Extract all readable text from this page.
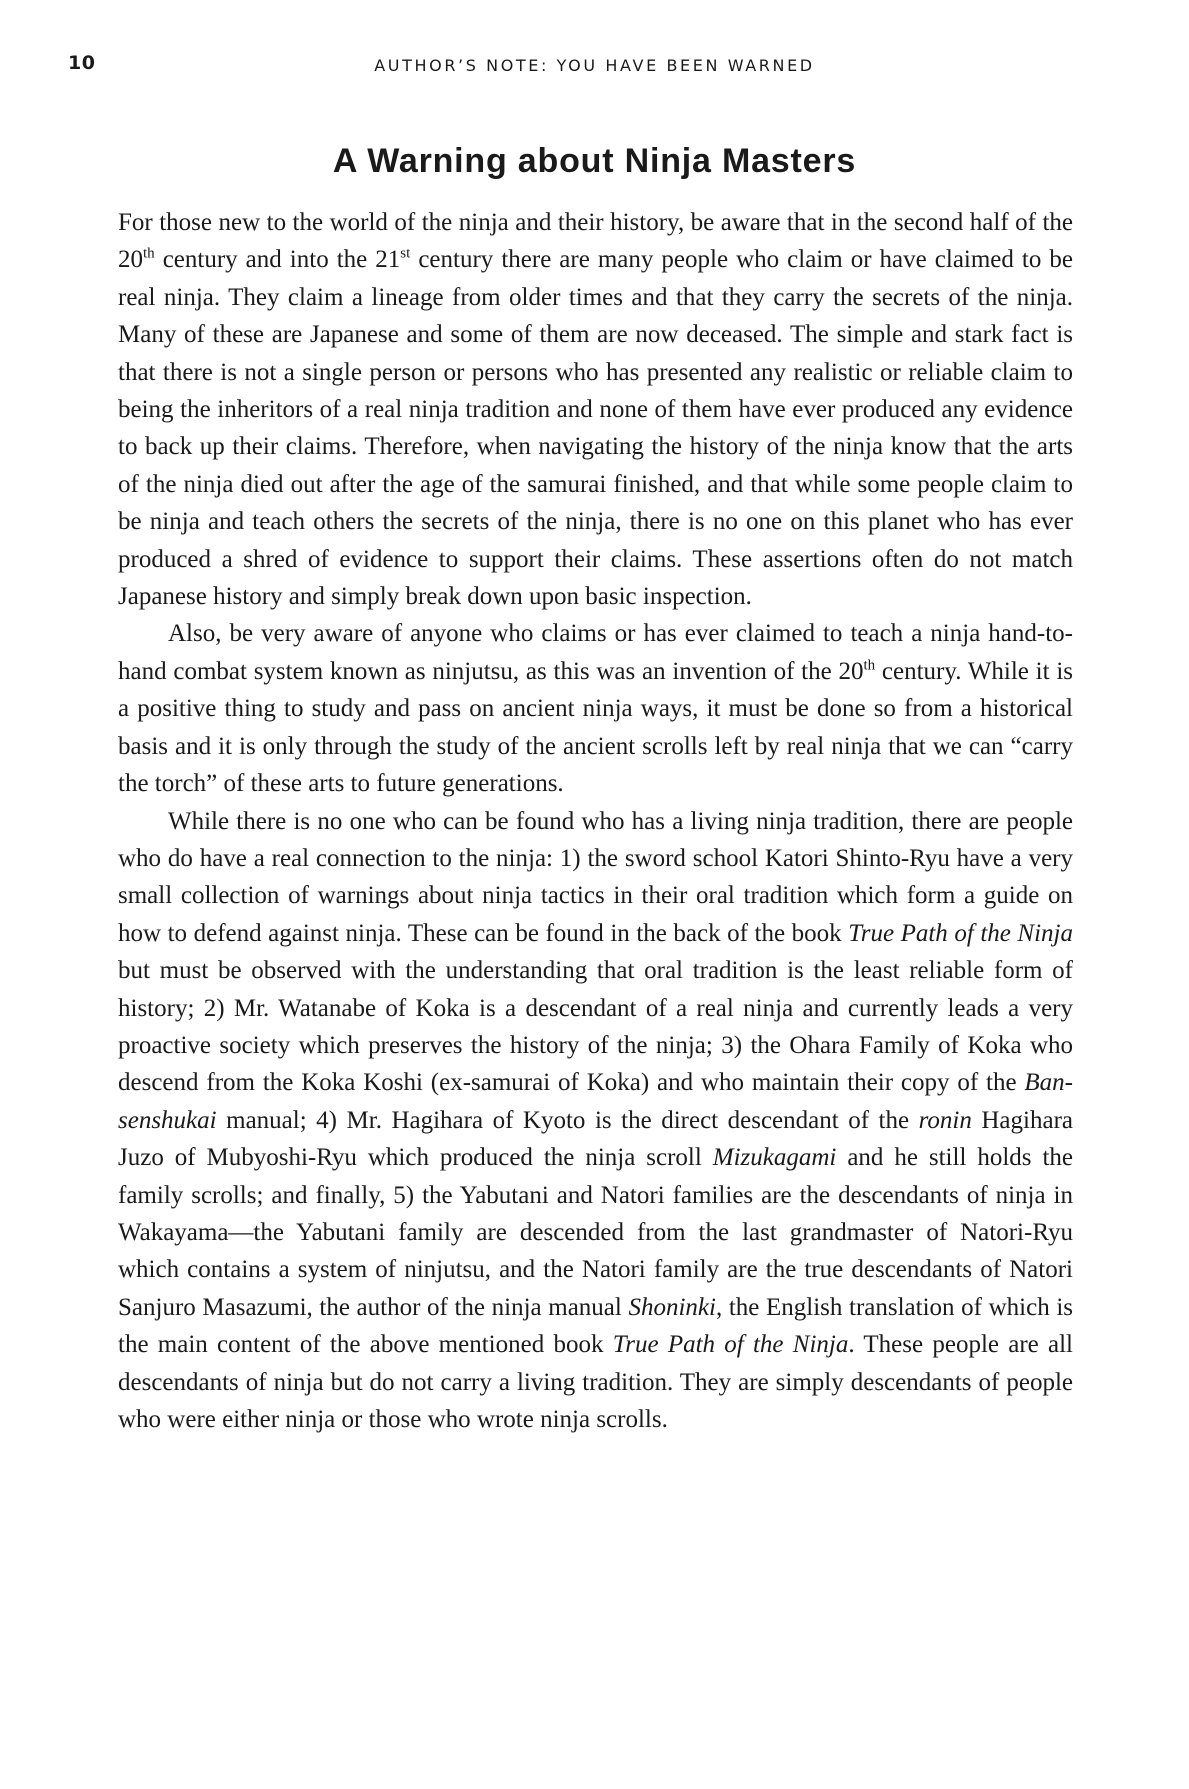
10	AUTHOR’S NOTE: YOU HAVE BEEN WARNED
A Warning about Ninja Masters

For those new to the world of the ninja and their history, be aware that in the second half of the 20th century and into the 21st century there are many people who claim or have claimed to be real ninja. They claim a lineage from older times and that they carry the secrets of the ninja. Many of these are Japanese and some of them are now deceased. The simple and stark fact is that there is not a single person or persons who has presented any realistic or reliable claim to being the inheritors of a real ninja tradition and none of them have ever produced any evidence to back up their claims. Therefore, when navigating the history of the ninja know that the arts of the ninja died out after the age of the samurai finished, and that while some people claim to be ninja and teach others the secrets of the ninja, there is no one on this planet who has ever produced a shred of evidence to support their claims. These assertions often do not match Japanese history and simply break down upon basic inspection.

Also, be very aware of anyone who claims or has ever claimed to teach a ninja hand-to-hand combat system known as ninjutsu, as this was an invention of the 20th century. While it is a positive thing to study and pass on ancient ninja ways, it must be done so from a historical basis and it is only through the study of the ancient scrolls left by real ninja that we can “carry the torch” of these arts to future generations.

While there is no one who can be found who has a living ninja tradition, there are people who do have a real connection to the ninja: 1) the sword school Katori Shinto-Ryu have a very small collection of warnings about ninja tactics in their oral tradition which form a guide on how to defend against ninja. These can be found in the back of the book True Path of the Ninja but must be observed with the understanding that oral tradition is the least reliable form of history; 2) Mr. Watanabe of Koka is a descendant of a real ninja and currently leads a very proactive society which preserves the history of the ninja; 3) the Ohara Family of Koka who descend from the Koka Koshi (ex-samurai of Koka) and who maintain their copy of the Bansenshukai manual; 4) Mr. Hagihara of Kyoto is the direct descendant of the ronin Hagihara Juzo of Mubyoshi-Ryu which produced the ninja scroll Mizukagami and he still holds the family scrolls; and finally, 5) the Yabutani and Natori families are the descendants of ninja in Wakayama—the Yabutani family are descended from the last grandmaster of Natori-Ryu which contains a system of ninjutsu, and the Natori family are the true descendants of Natori Sanjuro Masazumi, the author of the ninja manual Shoninki, the English translation of which is the main content of the above mentioned book True Path of the Ninja. These people are all descendants of ninja but do not carry a living tradition. They are simply descendants of people who were either ninja or those who wrote ninja scrolls.
